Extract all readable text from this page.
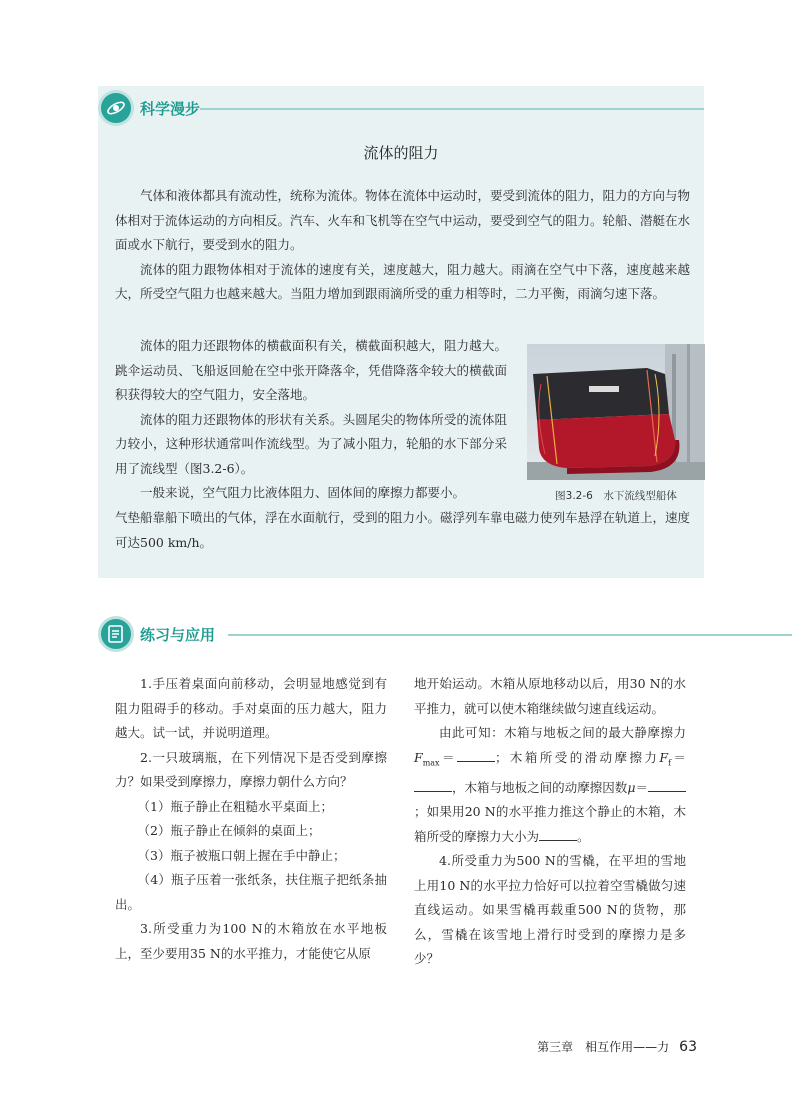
科学漫步
流体的阻力

气体和液体都具有流动性，统称为流体。物体在流体中运动时，要受到流体的阻力，阻力的方向与物体相对于流体运动的方向相反。汽车、火车和飞机等在空气中运动，要受到空气的阻力。轮船、潜艇在水面或水下航行，要受到水的阻力。

流体的阻力跟物体相对于流体的速度有关，速度越大，阻力越大。雨滴在空气中下落，速度越来越大，所受空气阻力也越来越大。当阻力增加到跟雨滴所受的重力相等时，二力平衡，雨滴匀速下落。

流体的阻力还跟物体的横截面积有关，横截面积越大，阻力越大。跳伞运动员、飞船返回舱在空中张开降落伞，凭借降落伞较大的横截面积获得较大的空气阻力，安全落地。

流体的阻力还跟物体的形状有关系。头圆尾尖的物体所受的流体阻力较小，这种形状通常叫作流线型。为了减小阻力，轮船的水下部分采用了流线型（图3.2-6）。

一般来说，空气阻力比液体阻力、固体间的摩擦力都要小。

气垫船靠船下喷出的气体，浮在水面航行，受到的阻力小。磁浮列车靠电磁力使列车悬浮在轨道上，速度可达500 km/h。

图3.2-6　水下流线型船体
练习与应用

1.手压着桌面向前移动，会明显地感觉到有阻力阻碍手的移动。手对桌面的压力越大，阻力越大。试一试，并说明道理。

2.一只玻璃瓶，在下列情况下是否受到摩擦力？如果受到摩擦力，摩擦力朝什么方向？

（1）瓶子静止在粗糙水平桌面上；

（2）瓶子静止在倾斜的桌面上；

（3）瓶子被瓶口朝上握在手中静止；

（4）瓶子压着一张纸条，扶住瓶子把纸条抽出。

3.所受重力为100 N的木箱放在水平地板上，至少要用35 N的水平推力，才能使它从原

地开始运动。木箱从原地移动以后，用30 N的水平推力，就可以使木箱继续做匀速直线运动。

由此可知：木箱与地板之间的最大静摩擦力$F_{max}=$	；木箱所受的滑动摩擦力$F_f=$，木箱与地板之间的动摩擦因数μ＝；如果用20 N的水平推力推这个静止的木箱，木箱所受的摩擦力大小为	。

4.所受重力为500 N的雪橇，在平坦的雪地上用10 N的水平拉力恰好可以拉着空雪橇做匀速直线运动。如果雪橇再载重500 N的货物，那么，雪橇在该雪地上滑行时受到的摩擦力是多少？

第三章　相互作用——力 63
